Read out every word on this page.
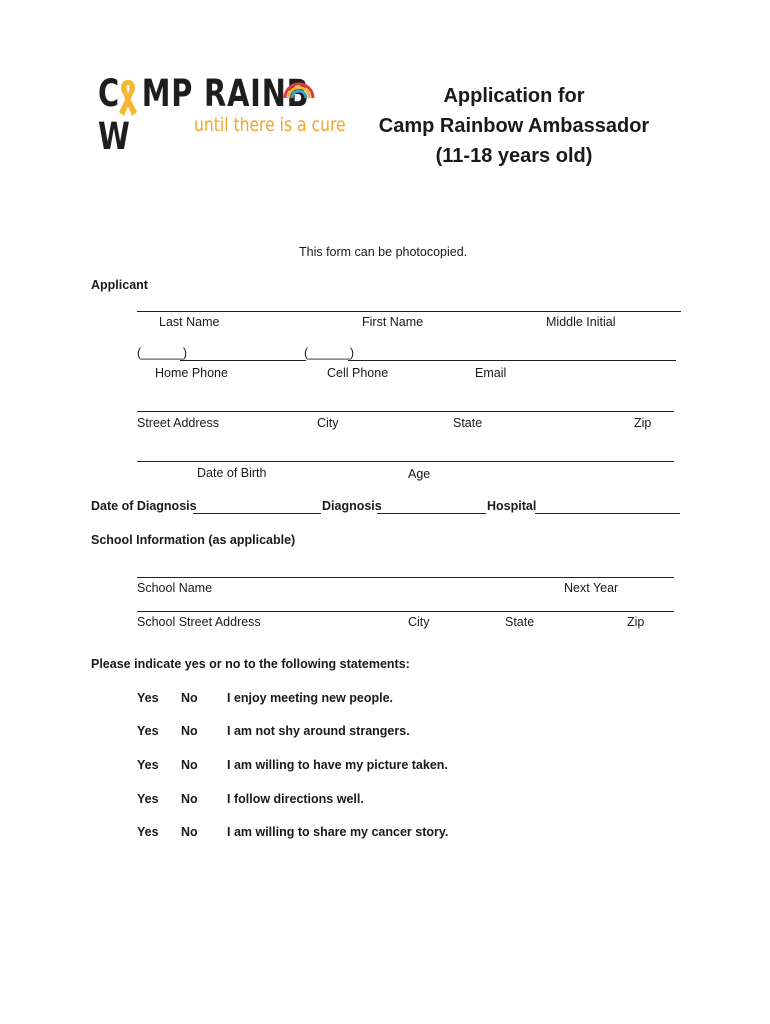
C MP RAINBW	until there is a cure
Application for
Camp Rainbow Ambassador
(11-18 years old)
This form can be photocopied.
Applicant
Last Name	First Name	Middle Initial
(______)	(______)
Home Phone	Cell Phone	Email
Street Address	City	State	Zip
Date of Birth	Age
Date of Diagnosis	Diagnosis	Hospital
School Information (as applicable)
School Name	Next Year
School Street Address	City	State	Zip
Please indicate yes or no to the following statements:
Yes No I enjoy meeting new people.
Yes No I am not shy around strangers.
Yes No I am willing to have my picture taken.
Yes No I follow directions well.
Yes No I am willing to share my cancer story.
